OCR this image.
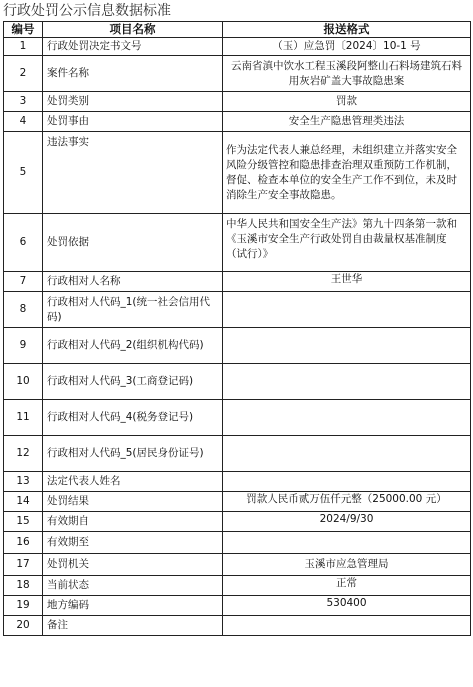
行政处罚公示信息数据标准
编号	项目名称	报送格式
1	行政处罚决定书文号	（玉）应急罚〔2024〕10-1 号
2	案件名称	云南省滇中饮水工程玉溪段阿整山石料场建筑石料用灰岩矿盖大事故隐患案
3	处罚类别	罚款
4	处罚事由	安全生产隐患管理类违法
5	违法事实	作为法定代表人兼总经理，未组织建立并落实安全风险分级管控和隐患排查治理双重预防工作机制，督促、检查本单位的安全生产工作不到位，未及时消除生产安全事故隐患。
6	处罚依据	中华人民共和国安全生产法》第九十四条第一款和《玉溪市安全生产行政处罚自由裁量权基准制度（试行）》
7	行政相对人名称	王世华
8	行政相对人代码_1(统一社会信用代码)	
9	行政相对人代码_2(组织机构代码)	
10	行政相对人代码_3(工商登记码)	
11	行政相对人代码_4(税务登记号)	
12	行政相对人代码_5(居民身份证号)	
13	法定代表人姓名	
14	处罚结果	罚款人民币贰万伍仟元整（25000.00 元）
15	有效期自	2024/9/30
16	有效期至	
17	处罚机关	玉溪市应急管理局
18	当前状态	正常
19	地方编码	530400
20	备注	
